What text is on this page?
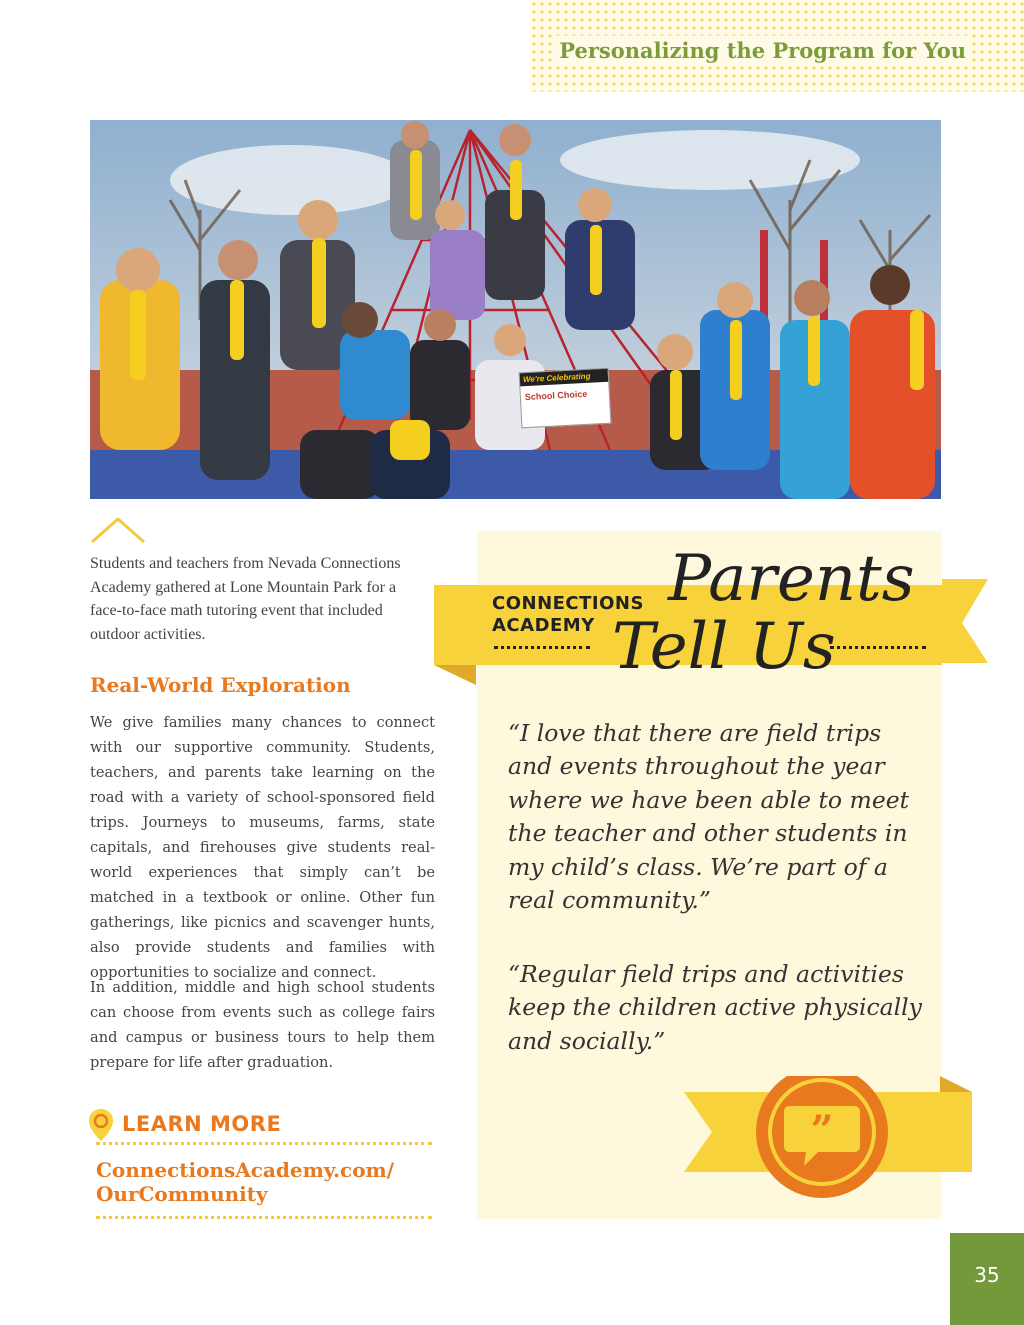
Personalizing the Program for You
We're Celebrating
School Choice
Students and teachers from Nevada Connections Academy gathered at Lone Mountain Park for a face-to-face math tutoring event that included outdoor activities.
Real-World Exploration
We give families many chances to connect with our supportive community. Students, teachers, and parents take learning on the road with a variety of school-sponsored field trips. Journeys to museums, farms, state capitals, and firehouses give students real-world experiences that simply can’t be matched in a textbook or online. Other fun gatherings, like picnics and scavenger hunts, also provide students and families with opportunities to socialize and connect.
In addition, middle and high school students can choose from events such as college fairs and campus or business tours to help them prepare for life after graduation.
LEARN MORE
ConnectionsAcademy.com/
OurCommunity
CONNECTIONS
ACADEMY
Parents
Tell Us
“I love that there are field trips and events throughout the year where we have been able to meet the teacher and other students in my child’s class. We’re part of a real community.”
“Regular field trips and activities keep the children active physically and socially.”
”
35
